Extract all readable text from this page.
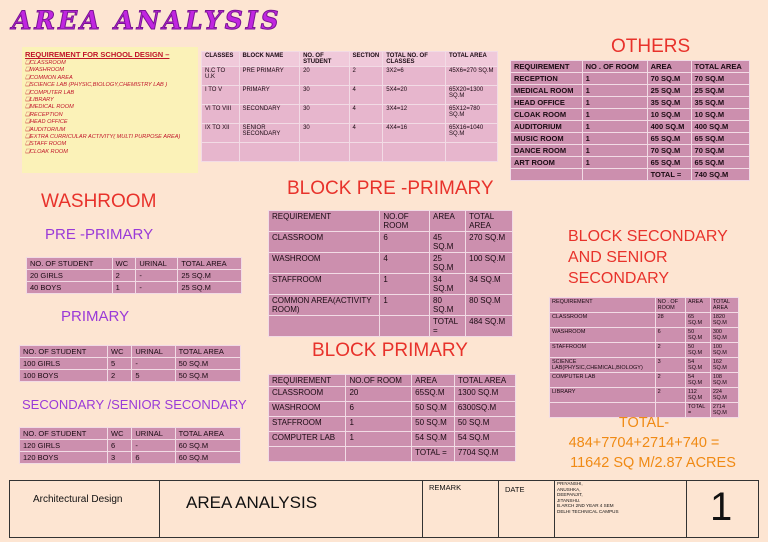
AREA ANALYSIS
REQUIREMENT FOR SCHOOL DESIGN –
❑CLASSROOM
❑WASHROOM
❑COMMON AREA
❑SCIENCE LAB (PHYSIC,BIOLOGY,CHEMISTRY LAB )
❑COMPUTER LAB
❑LIBRARY
❑MEDICAL ROOM
❑RECEPTION
❑HEAD OFFICE
❑AUDITORIUM
❑EXTRA CURRICULAR ACTIVITY( MULTI PURPOSE AREA)
❑STAFF ROOM
❑CLOAK ROOM
CLASSES	BLOCK NAME	NO. OF STUDENT	SECTION	TOTAL NO. OF CLASSES	TOTAL AREA
N.C TO U.K	PRE PRIMARY	20	2	3X2=6	45X6=270 SQ.M
I TO V	PRIMARY	30	4	5X4=20	65X20=1300 SQ.M
VI TO VIII	SECONDARY	30	4	3X4=12	65X12=780 SQ.M
IX TO XII	SENIOR SECONDARY	30	4	4X4=16	65X16=1040 SQ.M

OTHERS
REQUIREMENT	NO . OF ROOM	AREA	TOTAL AREA
RECEPTION	1	70 SQ.M	70 SQ.M
MEDICAL ROOM	1	25 SQ.M	25 SQ.M
HEAD OFFICE	1	35 SQ.M	35 SQ.M
CLOAK ROOM	1	10 SQ.M	10 SQ.M
AUDITORIUM	1	400 SQ.M	400 SQ.M
MUSIC ROOM	1	65 SQ.M	65 SQ.M
DANCE ROOM	1	70 SQ.M	70 SQ.M
ART ROOM	1	65 SQ.M	65 SQ.M
		TOTAL =	740 SQ.M
WASHROOM
PRE -PRIMARY
NO. OF STUDENT	WC	URINAL	TOTAL AREA
20 GIRLS	2	-	25 SQ.M
40 BOYS	1	-	25 SQ.M
PRIMARY
NO. OF STUDENT	WC	URINAL	TOTAL AREA
100 GIRLS	5	-	50 SQ.M
100 BOYS	2	5	50 SQ.M
SECONDARY /SENIOR SECONDARY
NO. OF STUDENT	WC	URINAL	TOTAL AREA
120 GIRLS	6	-	60 SQ.M
120 BOYS	3	6	60 SQ.M
BLOCK PRE -PRIMARY
REQUIREMENT	NO.OF ROOM	AREA	TOTAL AREA
CLASSROOM	6	45 SQ.M	270 SQ.M
WASHROOM	4	25 SQ.M	100 SQ.M
STAFFROOM	1	34 SQ.M	34 SQ.M
COMMON AREA(ACTIVITY ROOM)	1	80 SQ.M	80 SQ.M
		TOTAL =	484 SQ.M
BLOCK PRIMARY
REQUIREMENT	NO.OF ROOM	AREA	TOTAL AREA
CLASSROOM	20	65SQ.M	1300 SQ.M
WASHROOM	6	50 SQ.M	6300SQ.M
STAFFROOM	1	50 SQ.M	50 SQ.M
COMPUTER LAB	1	54 SQ.M	54 SQ.M
		TOTAL =	7704 SQ.M
BLOCK SECONDARY
AND SENIOR
SECONDARY
REQUIREMENT	NO . OF ROOM	AREA	TOTAL AREA
CLASSROOM	28	65 SQ.M	1820 SQ.M
WASHROOM	6	50 SQ.M	300 SQ.M
STAFFROOM	2	50 SQ.M	100 SQ.M
SCIENCE LAB(PHYSIC,CHEMICAL,BIOLOGY)	3	54 SQ.M	162 SQ.M
COMPUTER LAB	2	54 SQ.M	108 SQ.M
LIBRARY	2	112 SQ.M	224 SQ.M
		TOTAL =	2714 SQ.M
TOTAL-
484+7704+2714+740 =
11642 SQ M/2.87 ACRES
Architectural Design	AREA ANALYSIS
REMARK	DATE
PRIYANSHI,
ANUSHKA,
DEEPANJIT,
JITANSHU.
B.ARCH 2ND YEAR 4 SEM
DELHI TECHNICAL CAMPUS 1
